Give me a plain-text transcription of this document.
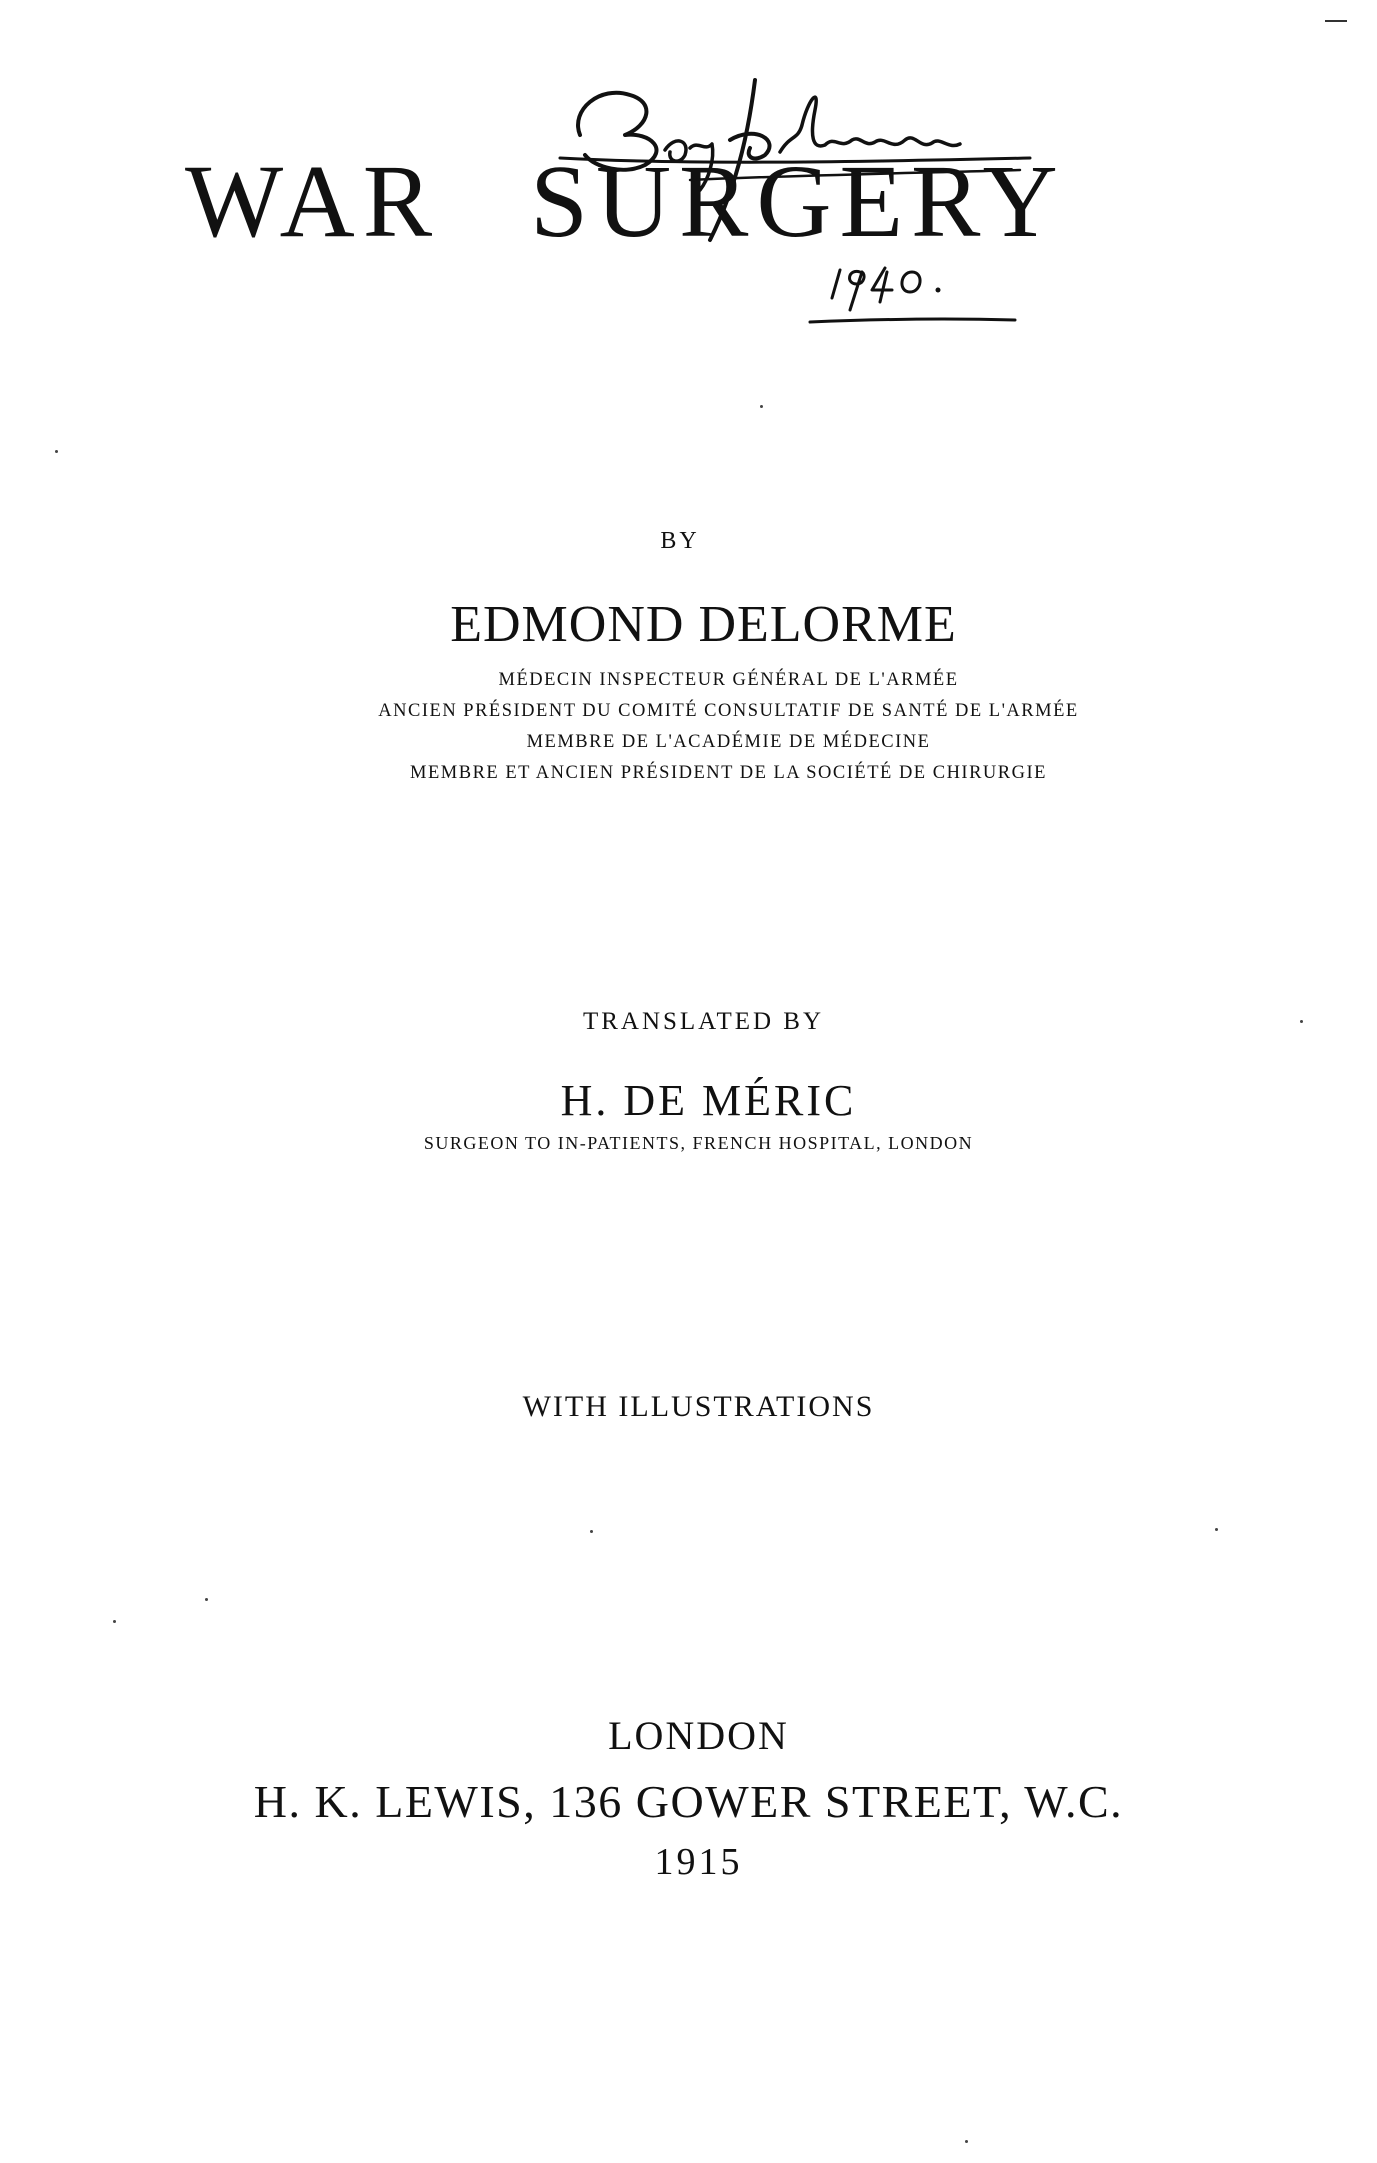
WAR SURGERY
BY
EDMOND DELORME
MÉDECIN INSPECTEUR GÉNÉRAL DE L'ARMÉE
ANCIEN PRÉSIDENT DU COMITÉ CONSULTATIF DE SANTÉ DE L'ARMÉE
MEMBRE DE L'ACADÉMIE DE MÉDECINE
MEMBRE ET ANCIEN PRÉSIDENT DE LA SOCIÉTÉ DE CHIRURGIE
TRANSLATED BY
H. DE MÉRIC
SURGEON TO IN-PATIENTS, FRENCH HOSPITAL, LONDON
WITH ILLUSTRATIONS
LONDON
H. K. LEWIS, 136 GOWER STREET, W.C.
1915
